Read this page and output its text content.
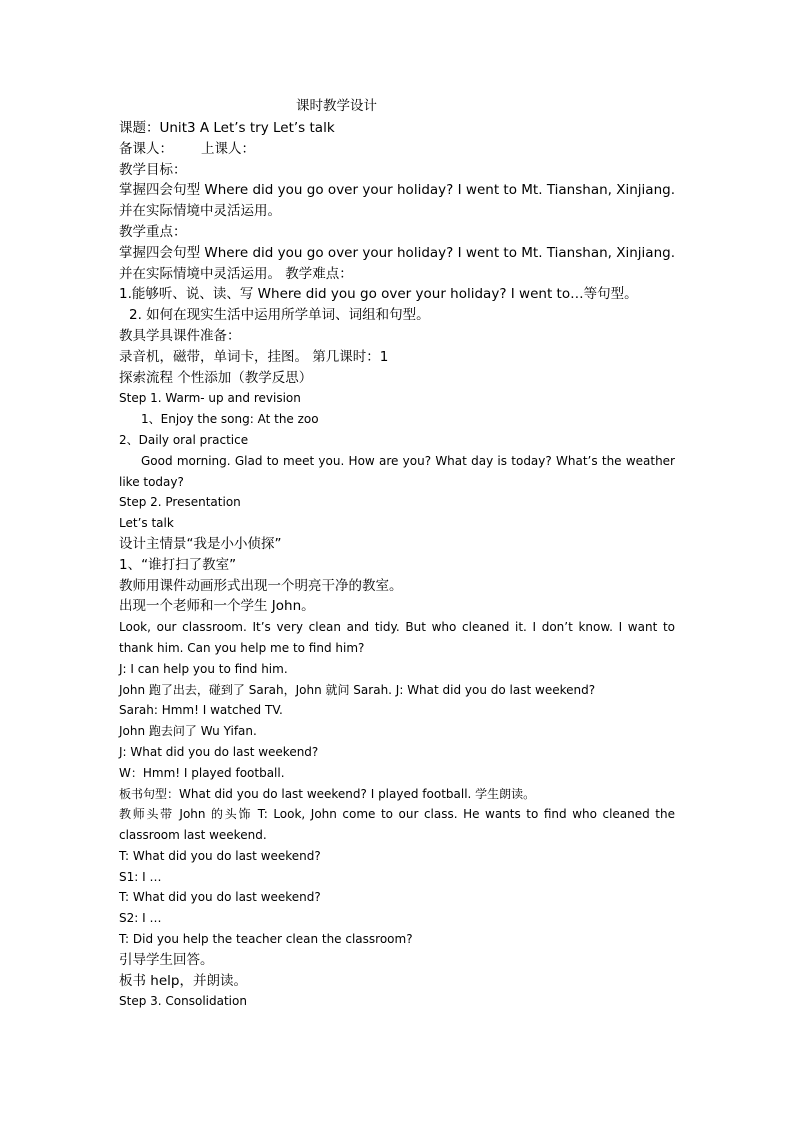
课时教学设计
课题：Unit3 A Let’s try Let’s talk
备课人： 上课人：
教学目标：
掌握四会句型 Where did you go over your holiday? I went to Mt. Tianshan, Xinjiang. 并在实际情境中灵活运用。
教学重点：
掌握四会句型 Where did you go over your holiday? I went to Mt. Tianshan, Xinjiang. 并在实际情境中灵活运用。 教学难点：
1.能够听、说、读、写 Where did you go over your holiday? I went to…等句型。
2. 如何在现实生活中运用所学单词、词组和句型。
教具学具课件准备：
录音机，磁带，单词卡，挂图。 第几课时：1
探索流程 个性添加（教学反思）
Step 1. Warm- up and revision
1、Enjoy the song: At the zoo
2、Daily oral practice
Good morning. Glad to meet you. How are you? What day is today? What’s the weather like today?
Step 2. Presentation
Let’s talk
设计主情景“我是小小侦探”
1、“谁打扫了教室”
教师用课件动画形式出现一个明亮干净的教室。
出现一个老师和一个学生 John。
Look, our classroom. It’s very clean and tidy. But who cleaned it. I don’t know. I want to thank him. Can you help me to find him?
J: I can help you to find him.
John 跑了出去，碰到了 Sarah，John 就问 Sarah. J: What did you do last weekend?
Sarah: Hmm! I watched TV.
John 跑去问了 Wu Yifan.
J: What did you do last weekend?
W：Hmm! I played football.
板书句型：What did you do last weekend? I played football. 学生朗读。
教师头带 John 的头饰 T: Look, John come to our class. He wants to find who cleaned the classroom last weekend.
T: What did you do last weekend?
S1: I …
T: What did you do last weekend?
S2: I …
T: Did you help the teacher clean the classroom?
引导学生回答。
板书 help，并朗读。
Step 3. Consolidation
